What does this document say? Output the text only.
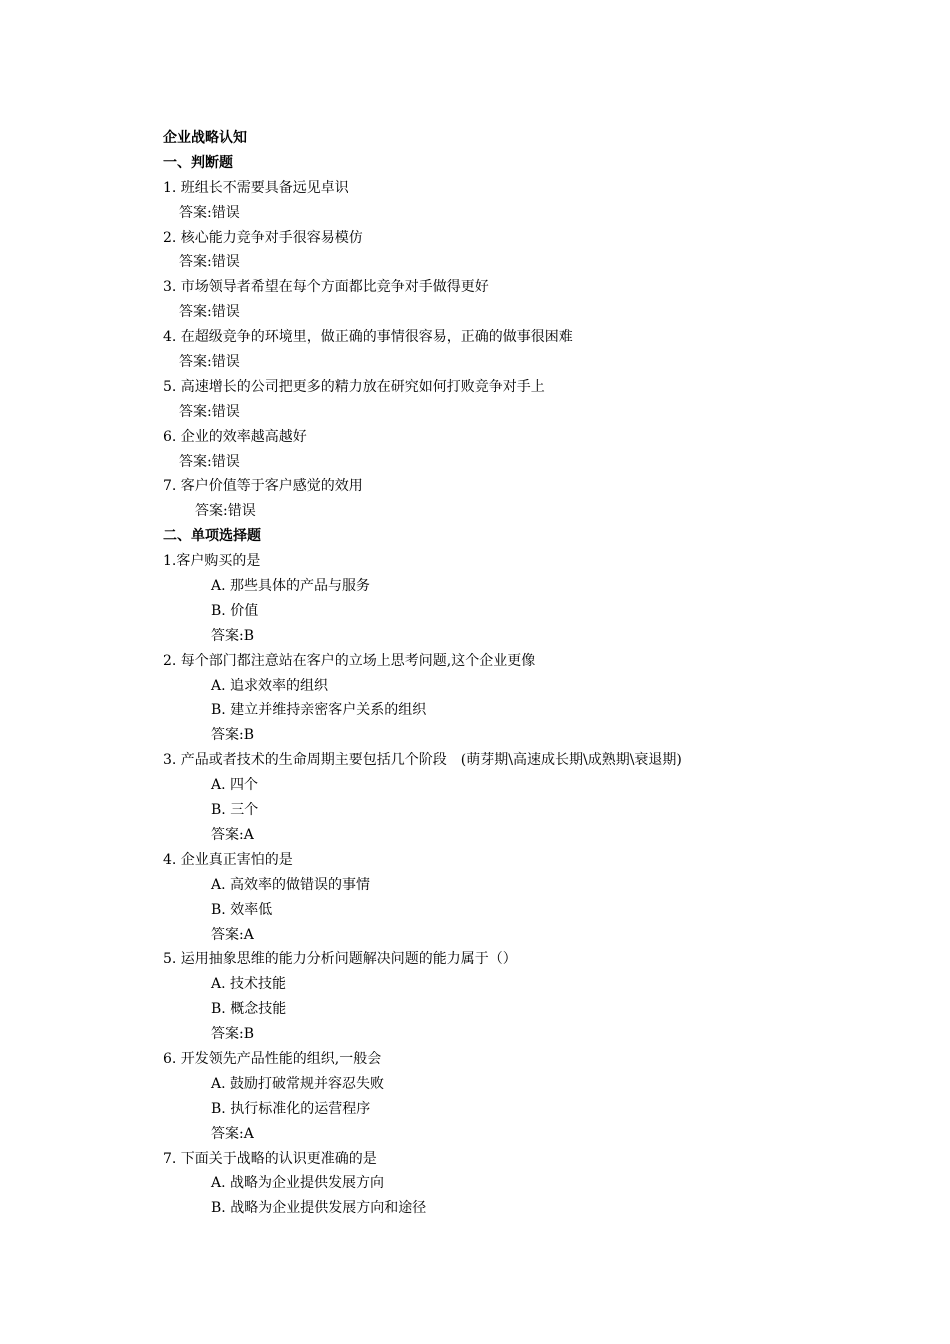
企业战略认知
一、判断题
1. 班组长不需要具备远见卓识
答案:错误
2. 核心能力竞争对手很容易模仿
答案:错误
3. 市场领导者希望在每个方面都比竞争对手做得更好
答案:错误
4. 在超级竞争的环境里，做正确的事情很容易，正确的做事很困难
答案:错误
5. 高速增长的公司把更多的精力放在研究如何打败竞争对手上
答案:错误
6. 企业的效率越高越好
答案:错误
7. 客户价值等于客户感觉的效用
答案:错误
二、单项选择题
1.客户购买的是
A. 那些具体的产品与服务
B. 价值
答案:B
2. 每个部门都注意站在客户的立场上思考问题,这个企业更像
A. 追求效率的组织
B. 建立并维持亲密客户关系的组织
答案:B
3. 产品或者技术的生命周期主要包括几个阶段　(萌芽期\高速成长期\成熟期\衰退期)
A. 四个
B. 三个
答案:A
4. 企业真正害怕的是
A. 高效率的做错误的事情
B. 效率低
答案:A
5. 运用抽象思维的能力分析问题解决问题的能力属于（）
A. 技术技能
B. 概念技能
答案:B
6. 开发领先产品性能的组织,一般会
A. 鼓励打破常规并容忍失败
B. 执行标准化的运营程序
答案:A
7. 下面关于战略的认识更准确的是
A. 战略为企业提供发展方向
B. 战略为企业提供发展方向和途径
